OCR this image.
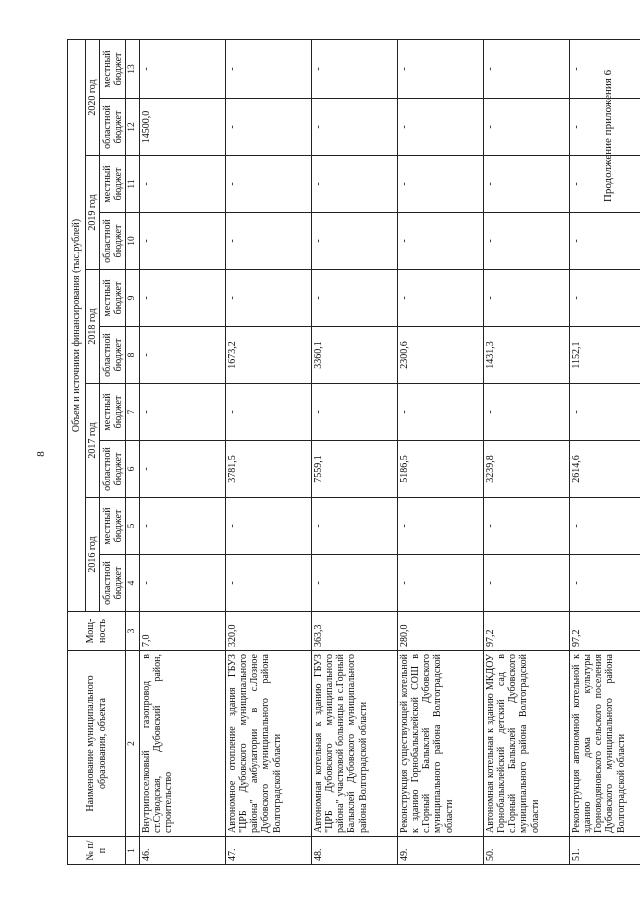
8
Продолжение приложения 6
№ п/п	Наименование муниципального образования, объекта	Мощ-ность	Объем и источники финансирования (тыс.рублей)									
			2016 год		2017 год		2018 год		2019 год		2020 год	
			областной бюджет	местный бюджет	областной бюджет	местный бюджет	областной бюджет	местный бюджет	областной бюджет	местный бюджет	областной бюджет	местный бюджет
1	2	3	4	5	6	7	8	9	10	11	12	13
46.	Внутрипоселковый газопровод в ст.Суводская, Дубовский район, строительство	7,0	-	-	-	-	-	-	-	-	14500,0	-
47.	Автономное отопление здания ГБУЗ "ЦРБ Дубовского муниципального района" амбулатории в с.Лозное Дубовского муниципального района Волгоградской области	320,0	-	-	3781,5	-	1673,2	-	-	-	-	-
48.	Автономная котельная к зданию ГБУЗ "ЦРБ Дубовского муниципального района" участковой больницы в с.Горный Балыклей Дубовского муниципального района Волгоградской области	363,3	-	-	7559,1	-	3360,1	-	-	-	-	-
49.	Реконструкция существующей котельной к зданию Горнобалыклейской СОШ в с.Горный Балыклей Дубовского муниципального района Волгоградской области	280,0	-	-	5186,5	-	2300,6	-	-	-	-	-
50.	Автономная котельная к зданию МКДОУ Горнобалыклейский детский сад в с.Горный Балыклей Дубовского муниципального района Волгоградской области	97,2	-	-	3239,8	-	1431,3	-	-	-	-	-
51.	Реконструкция автономной котельной к зданию дома культуры Горноводяновского сельского поселения Дубовского муниципального района Волгоградской области	97,2	-	-	2614,6	-	1152,1	-	-	-	-	-
